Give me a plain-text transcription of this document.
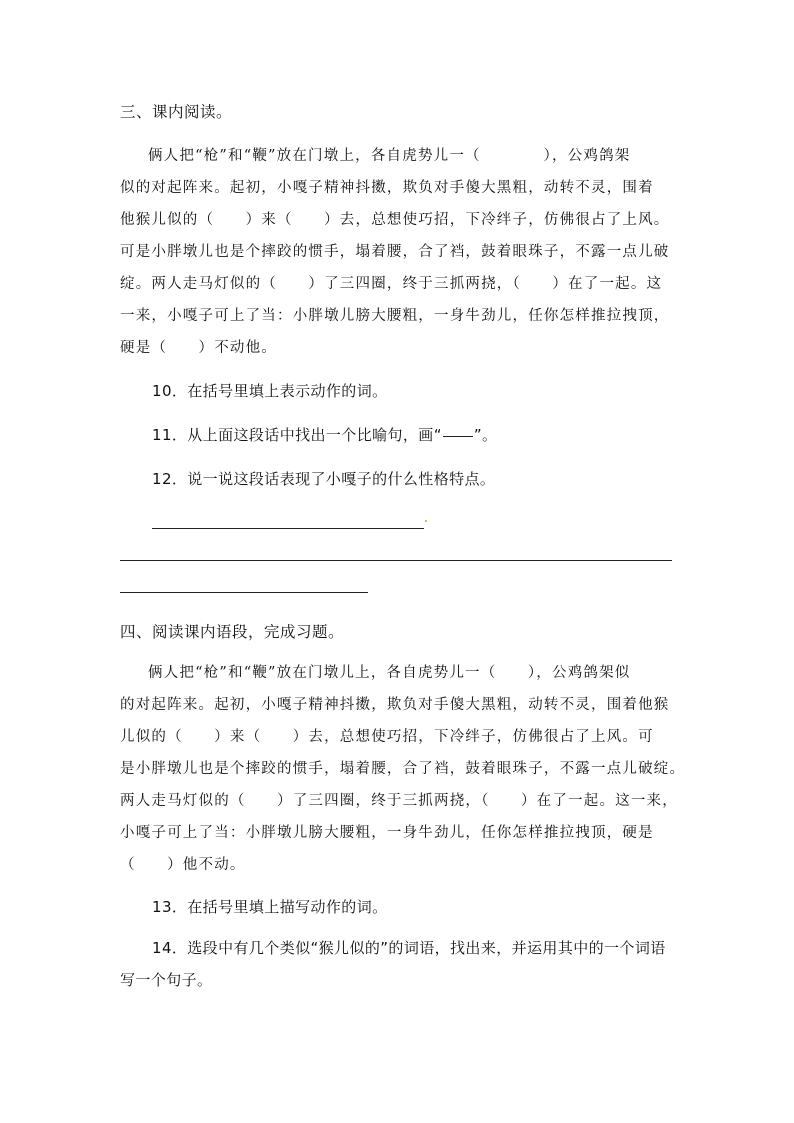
三、课内阅读。
俩人把“枪”和“鞭”放在门墩上，各自虎势儿一（　　　　），公鸡鸽架
似的对起阵来。起初，小嘎子精神抖擞，欺负对手傻大黑粗，动转不灵，围着
他猴儿似的（　　）来（　　）去，总想使巧招，下冷绊子，仿佛很占了上风。
可是小胖墩儿也是个摔跤的惯手，塌着腰，合了裆，鼓着眼珠子，不露一点儿破
绽。两人走马灯似的（　　）了三四圈，终于三抓两挠，（　　）在了一起。这
一来，小嘎子可上了当：小胖墩儿膀大腰粗，一身牛劲儿，任你怎样推拉拽顶，
硬是（　　）不动他。
10．在括号里填上表示动作的词。
11．从上面这段话中找出一个比喻句，画“ ”。
12．说一说这段话表现了小嘎子的什么性格特点。
四、阅读课内语段，完成习题。
俩人把“枪”和“鞭”放在门墩儿上，各自虎势儿一（　　），公鸡鸽架似
的对起阵来。起初，小嘎子精神抖擞，欺负对手傻大黑粗，动转不灵，围着他猴
儿似的（　　）来（　　）去，总想使巧招，下冷绊子，仿佛很占了上风。可
是小胖墩儿也是个摔跤的惯手，塌着腰，合了裆，鼓着眼珠子，不露一点儿破绽。
两人走马灯似的（　　）了三四圈，终于三抓两挠，（　　）在了一起。这一来，
小嘎子可上了当：小胖墩儿膀大腰粗，一身牛劲儿，任你怎样推拉拽顶，硬是
（　　）他不动。
13．在括号里填上描写动作的词。
14．选段中有几个类似“猴儿似的”的词语，找出来，并运用其中的一个词语写一个句子。
